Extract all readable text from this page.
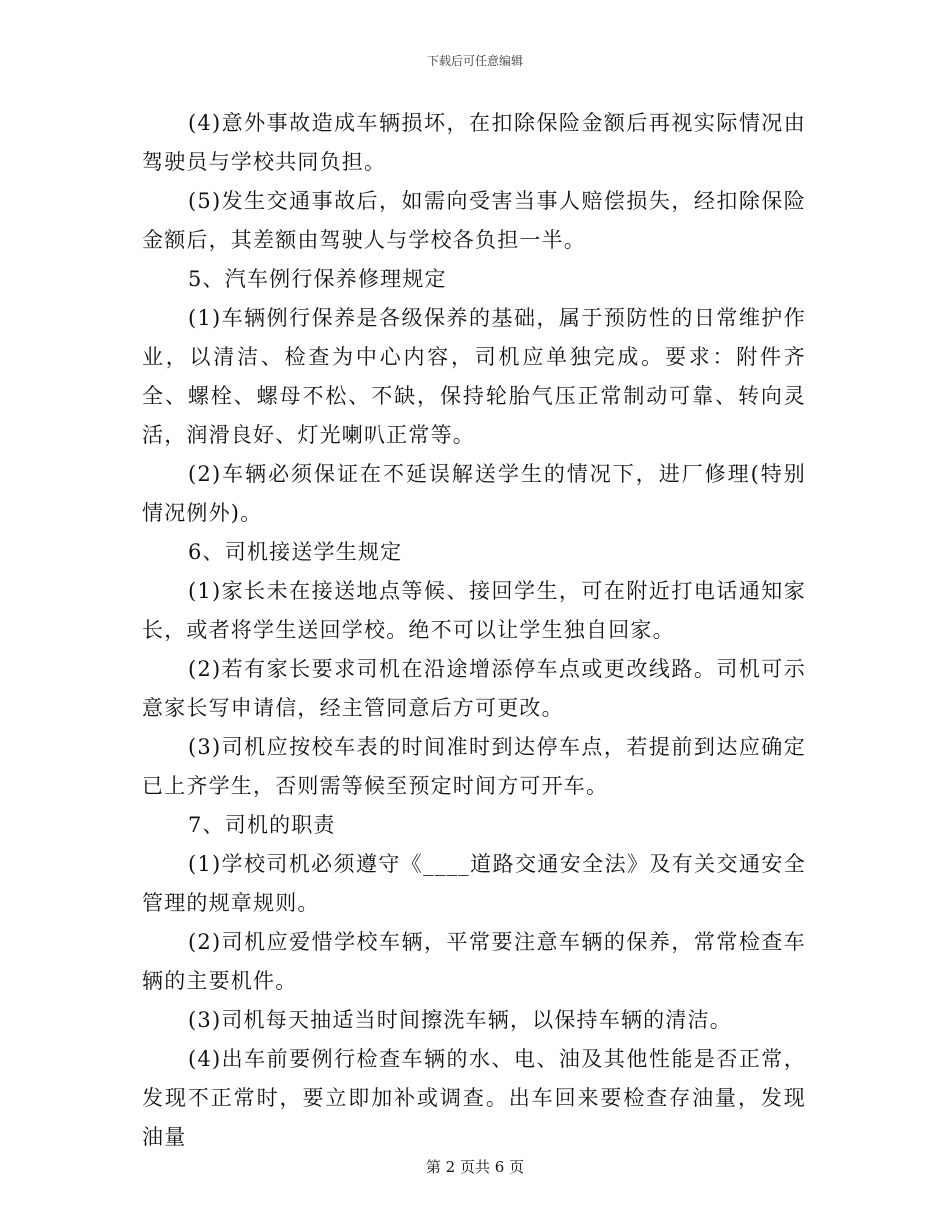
下载后可任意编辑

(4)意外事故造成车辆损坏，在扣除保险金额后再视实际情况由驾驶员与学校共同负担。

(5)发生交通事故后，如需向受害当事人赔偿损失，经扣除保险金额后，其差额由驾驶人与学校各负担一半。

5、汽车例行保养修理规定

(1)车辆例行保养是各级保养的基础，属于预防性的日常维护作业，以清洁、检查为中心内容，司机应单独完成。要求：附件齐全、螺栓、螺母不松、不缺，保持轮胎气压正常制动可靠、转向灵活，润滑良好、灯光喇叭正常等。

(2)车辆必须保证在不延误解送学生的情况下，进厂修理(特别情况例外)。

6、司机接送学生规定

(1)家长未在接送地点等候、接回学生，可在附近打电话通知家长，或者将学生送回学校。绝不可以让学生独自回家。

(2)若有家长要求司机在沿途增添停车点或更改线路。司机可示意家长写申请信，经主管同意后方可更改。

(3)司机应按校车表的时间准时到达停车点，若提前到达应确定已上齐学生，否则需等候至预定时间方可开车。

7、司机的职责

(1)学校司机必须遵守《____道路交通安全法》及有关交通安全管理的规章规则。

(2)司机应爱惜学校车辆，平常要注意车辆的保养，常常检查车辆的主要机件。

(3)司机每天抽适当时间擦洗车辆，以保持车辆的清洁。

(4)出车前要例行检查车辆的水、电、油及其他性能是否正常，发现不正常时，要立即加补或调查。出车回来要检查存油量，发现油量

第 2 页共 6 页
